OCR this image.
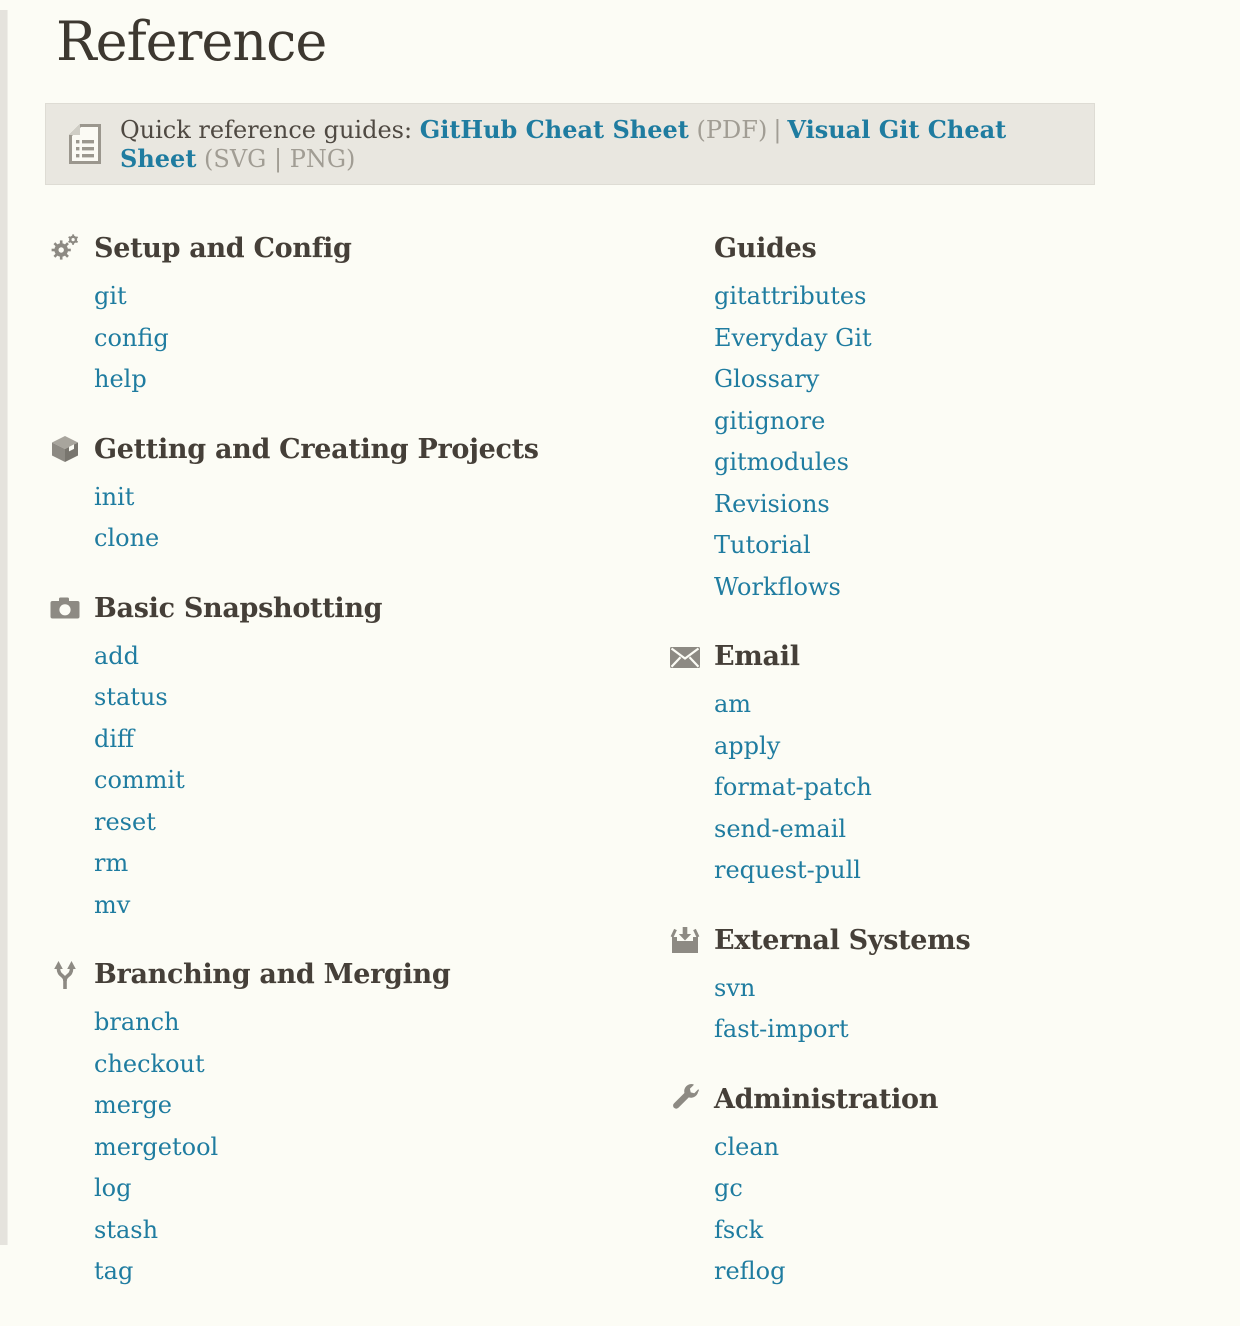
Reference
Quick reference guides: GitHub Cheat Sheet (PDF) | Visual Git Cheat Sheet (SVG | PNG)
Setup and Config
git
config
help
Getting and Creating Projects
init
clone
Basic Snapshotting
add
status
diff
commit
reset
rm
mv
Branching and Merging
branch
checkout
merge
mergetool
log
stash
tag
Guides
gitattributes
Everyday Git
Glossary
gitignore
gitmodules
Revisions
Tutorial
Workflows
Email
am
apply
format-patch
send-email
request-pull
External Systems
svn
fast-import
Administration
clean
gc
fsck
reflog
